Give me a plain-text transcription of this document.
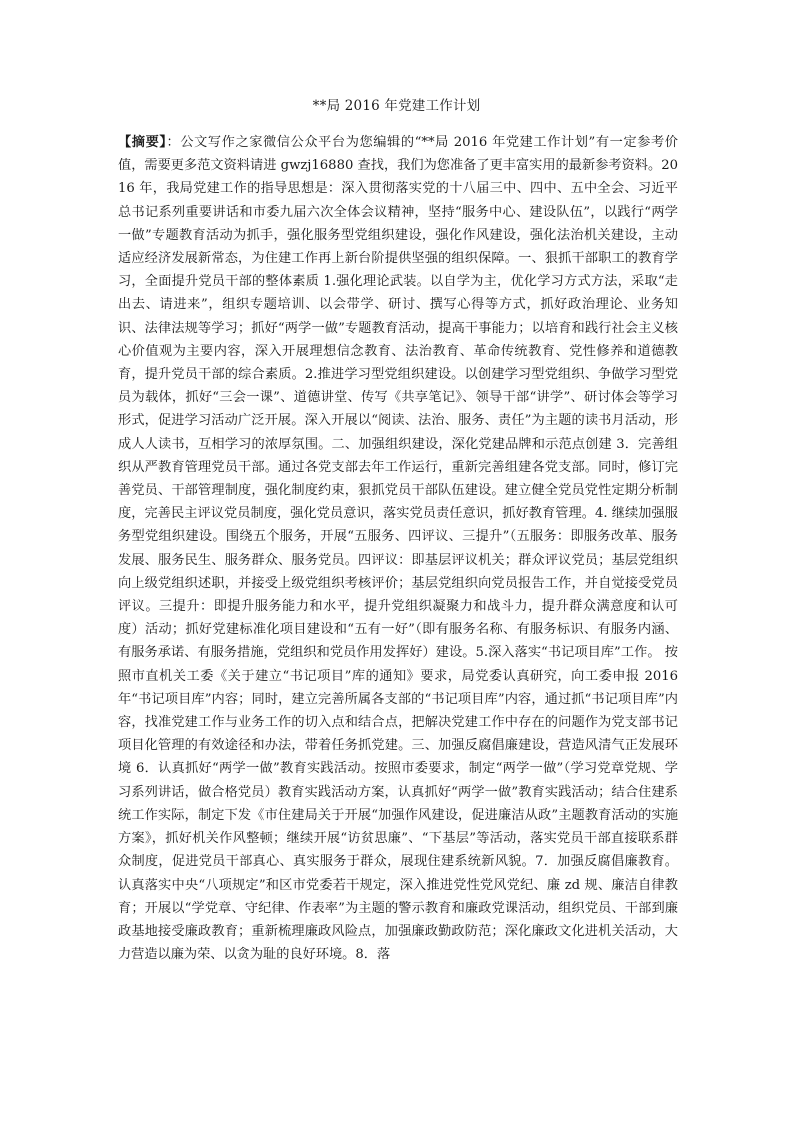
**局 2016 年党建工作计划

【摘要】：公文写作之家微信公众平台为您编辑的“**局 2016 年党建工作计划”有一定参考价值，需要更多范文资料请进 gwzj16880 查找，我们为您准备了更丰富实用的最新参考资料。2016 年，我局党建工作的指导思想是：深入贯彻落实党的十八届三中、四中、五中全会、习近平总书记系列重要讲话和市委九届六次全体会议精神，坚持“服务中心、建设队伍”，以践行“两学一做”专题教育活动为抓手，强化服务型党组织建设，强化作风建设，强化法治机关建设，主动适应经济发展新常态，为住建工作再上新台阶提供坚强的组织保障。一、狠抓干部职工的教育学习，全面提升党员干部的整体素质 1.强化理论武装。以自学为主，优化学习方式方法，采取“走出去、请进来”，组织专题培训、以会带学、研讨、撰写心得等方式，抓好政治理论、业务知识、法律法规等学习；抓好“两学一做”专题教育活动，提高干事能力；以培育和践行社会主义核心价值观为主要内容，深入开展理想信念教育、法治教育、革命传统教育、党性修养和道德教育，提升党员干部的综合素质。2.推进学习型党组织建设。以创建学习型党组织、争做学习型党员为载体，抓好“三会一课”、道德讲堂、传写《共享笔记》、领导干部“讲学”、研讨体会等学习形式，促进学习活动广泛开展。深入开展以“阅读、法治、服务、责任”为主题的读书月活动，形成人人读书，互相学习的浓厚氛围。二、加强组织建设，深化党建品牌和示范点创建 3．完善组织从严教育管理党员干部。通过各党支部去年工作运行，重新完善组建各党支部。同时，修订完善党员、干部管理制度，强化制度约束，狠抓党员干部队伍建设。建立健全党员党性定期分析制度，完善民主评议党员制度，强化党员意识，落实党员责任意识，抓好教育管理。4. 继续加强服务型党组织建设。围绕五个服务，开展“五服务、四评议、三提升”（五服务：即服务改革、服务发展、服务民生、服务群众、服务党员。四评议：即基层评议机关；群众评议党员；基层党组织向上级党组织述职，并接受上级党组织考核评价；基层党组织向党员报告工作，并自觉接受党员评议。三提升：即提升服务能力和水平，提升党组织凝聚力和战斗力，提升群众满意度和认可度）活动；抓好党建标准化项目建设和“五有一好”（即有服务名称、有服务标识、有服务内涵、有服务承诺、有服务措施，党组织和党员作用发挥好）建设。5.深入落实“书记项目库”工作。 按照市直机关工委《关于建立“书记项目”库的通知》要求，局党委认真研究，向工委申报 2016 年“书记项目库”内容；同时，建立完善所属各支部的“书记项目库”内容，通过抓“书记项目库”内容，找准党建工作与业务工作的切入点和结合点，把解决党建工作中存在的问题作为党支部书记项目化管理的有效途径和办法，带着任务抓党建。三、加强反腐倡廉建设，营造风清气正发展环境 6．认真抓好“两学一做”教育实践活动。按照市委要求，制定“两学一做”（学习党章党规、学习系列讲话，做合格党员）教育实践活动方案，认真抓好“两学一做”教育实践活动；结合住建系统工作实际，制定下发《市住建局关于开展“加强作风建设，促进廉洁从政”主题教育活动的实施方案》，抓好机关作风整顿；继续开展“访贫思廉”、“下基层”等活动，落实党员干部直接联系群众制度，促进党员干部真心、真实服务于群众，展现住建系统新风貌。7．加强反腐倡廉教育。认真落实中央“八项规定”和区市党委若干规定，深入推进党性党风党纪、廉 zd 规、廉洁自律教育；开展以“学党章、守纪律、作表率”为主题的警示教育和廉政党课活动，组织党员、干部到廉政基地接受廉政教育；重新梳理廉政风险点，加强廉政勤政防范；深化廉政文化进机关活动，大力营造以廉为荣、以贪为耻的良好环境。8．落
